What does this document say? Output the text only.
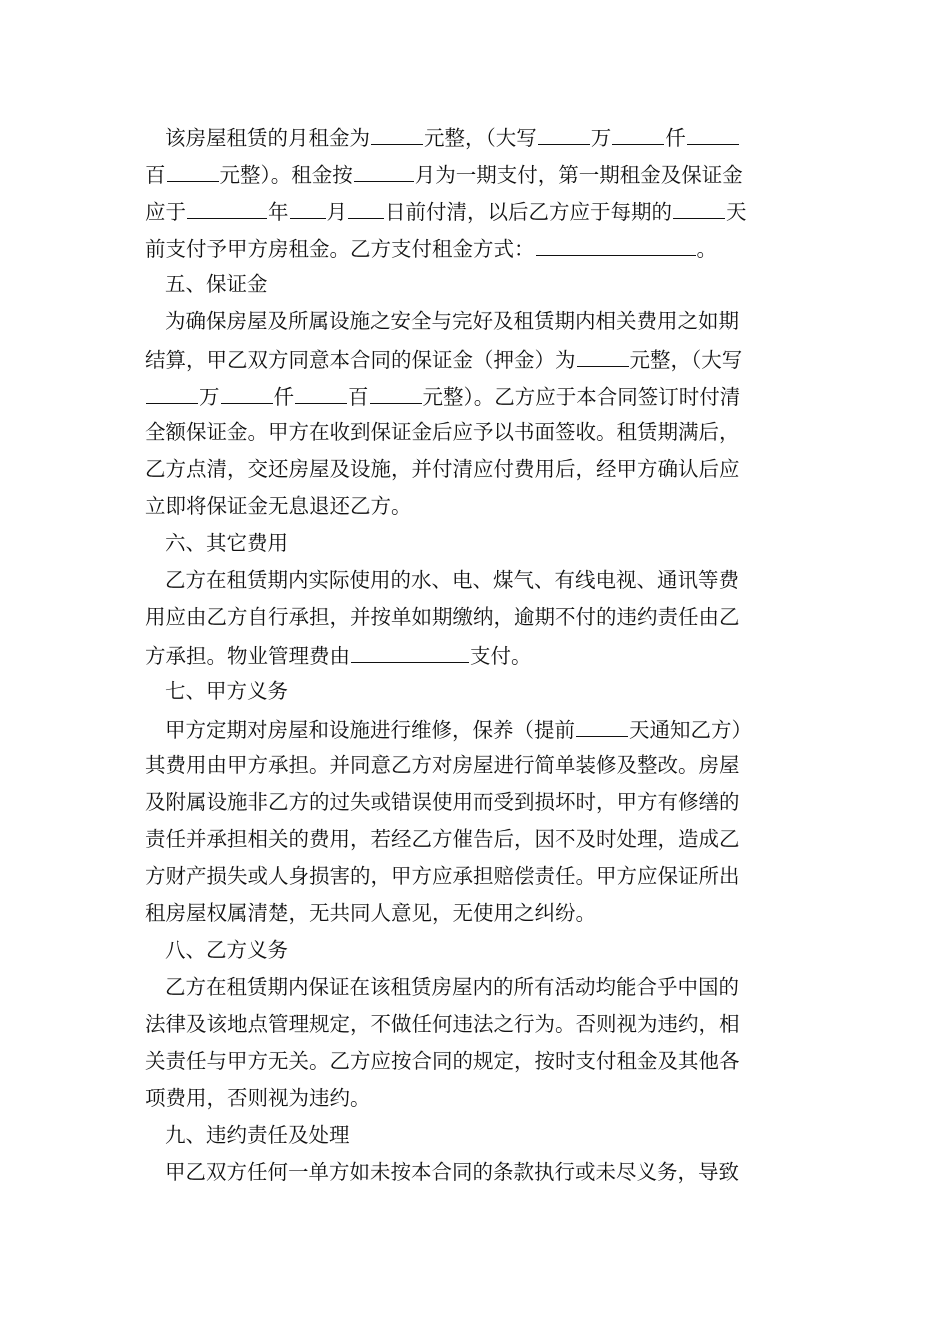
该房屋租赁的月租金为	元整，（大写	万	仟
百	元整）。租金按	月为一期支付，第一期租金及保证金
应于	年 月 日前付清，以后乙方应于每期的	天
前支付予甲方房租金。乙方支付租金方式：	。
五、保证金
为确保房屋及所属设施之安全与完好及租赁期内相关费用之如期
结算，甲乙双方同意本合同的保证金（押金）为	元整，（大写
万	仟	百	元整）。乙方应于本合同签订时付清
全额保证金。甲方在收到保证金后应予以书面签收。租赁期满后，
乙方点清，交还房屋及设施，并付清应付费用后，经甲方确认后应
立即将保证金无息退还乙方。
六、其它费用
乙方在租赁期内实际使用的水、电、煤气、有线电视、通讯等费
用应由乙方自行承担，并按单如期缴纳，逾期不付的违约责任由乙
方承担。物业管理费由	支付。
七、甲方义务
甲方定期对房屋和设施进行维修，保养（提前	天通知乙方）
其费用由甲方承担。并同意乙方对房屋进行简单装修及整改。房屋
及附属设施非乙方的过失或错误使用而受到损坏时，甲方有修缮的
责任并承担相关的费用，若经乙方催告后，因不及时处理，造成乙
方财产损失或人身损害的，甲方应承担赔偿责任。甲方应保证所出
租房屋权属清楚，无共同人意见，无使用之纠纷。
八、乙方义务
乙方在租赁期内保证在该租赁房屋内的所有活动均能合乎中国的
法律及该地点管理规定，不做任何违法之行为。否则视为违约，相
关责任与甲方无关。乙方应按合同的规定，按时支付租金及其他各
项费用，否则视为违约。
九、违约责任及处理
甲乙双方任何一单方如未按本合同的条款执行或未尽义务，导致
